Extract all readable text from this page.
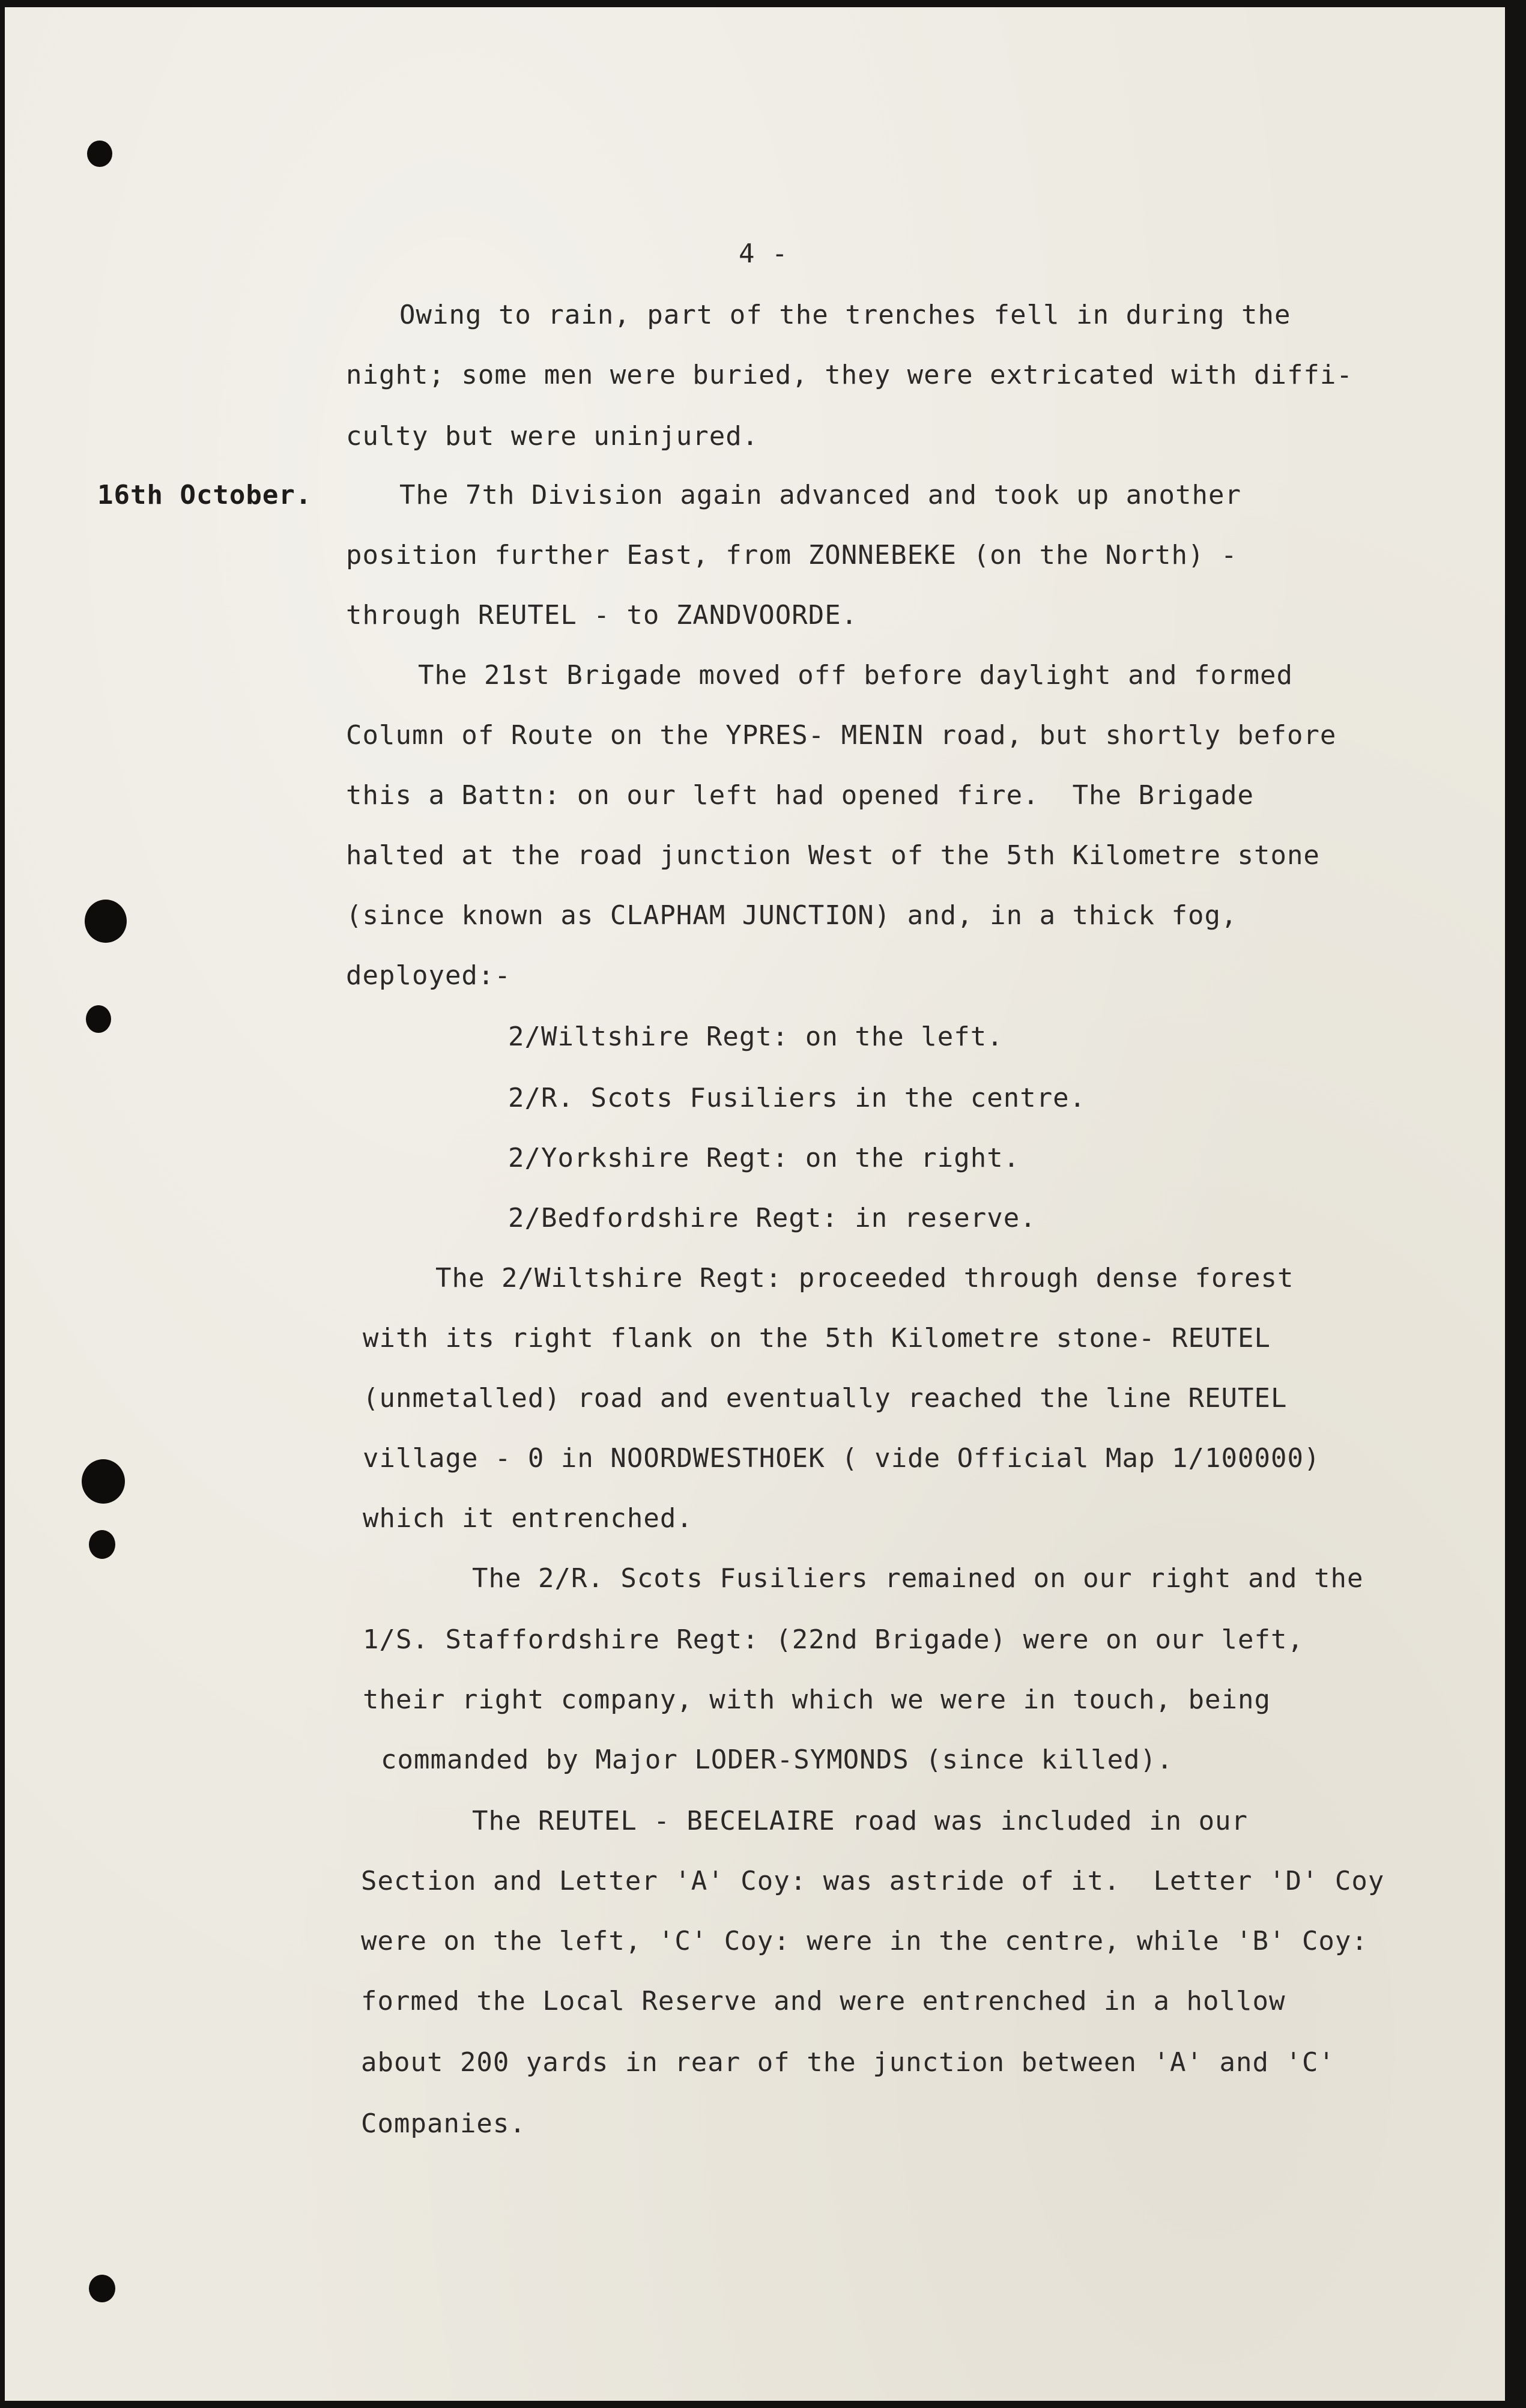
4 -

16th October.

Owing to rain, part of the trenches fell in during the

night; some men were buried, they were extricated with diffi-

culty but were uninjured.

The 7th Division again advanced and took up another

position further East, from ZONNEBEKE (on the North) -

through REUTEL - to ZANDVOORDE.

The 21st Brigade moved off before daylight and formed

Column of Route on the YPRES- MENIN road, but shortly before

this a Battn: on our left had opened fire.  The Brigade

halted at the road junction West of the 5th Kilometre stone

(since known as CLAPHAM JUNCTION) and, in a thick fog,

deployed:-

2/Wiltshire Regt: on the left.

2/R. Scots Fusiliers in the centre.

2/Yorkshire Regt: on the right.

2/Bedfordshire Regt: in reserve.

The 2/Wiltshire Regt: proceeded through dense forest

with its right flank on the 5th Kilometre stone- REUTEL

(unmetalled) road and eventually reached the line REUTEL

village - 0 in NOORDWESTHOEK ( vide Official Map 1/100000)

which it entrenched.

The 2/R. Scots Fusiliers remained on our right and the

1/S. Staffordshire Regt: (22nd Brigade) were on our left,

their right company, with which we were in touch, being

commanded by Major LODER-SYMONDS (since killed).

The REUTEL - BECELAIRE road was included in our

Section and Letter 'A' Coy: was astride of it.  Letter 'D' Coy

were on the left, 'C' Coy: were in the centre, while 'B' Coy:

formed the Local Reserve and were entrenched in a hollow

about 200 yards in rear of the junction between 'A' and 'C'

Companies.
